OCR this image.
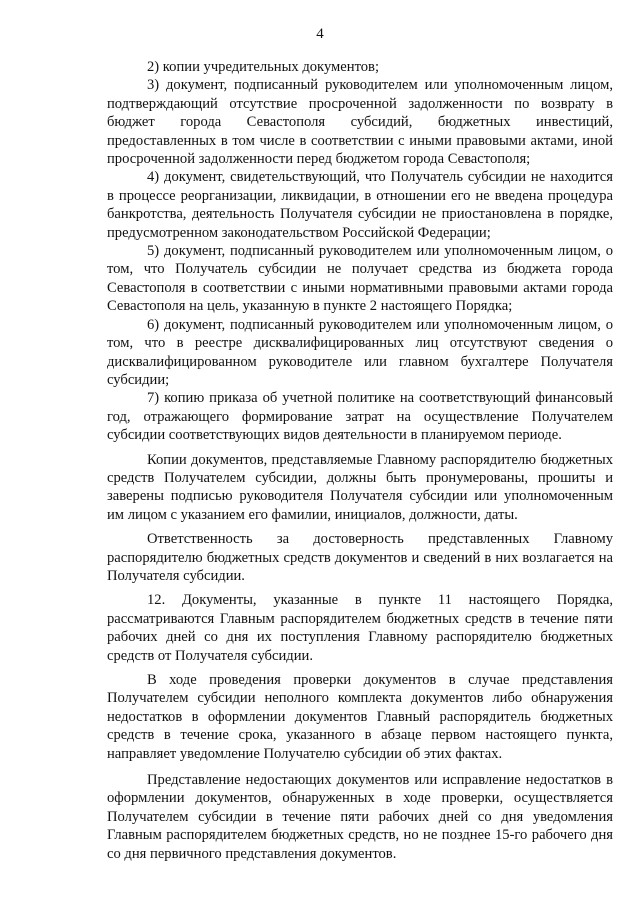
4

2) копии учредительных документов;

3) документ, подписанный руководителем или уполномоченным лицом, подтверждающий отсутствие просроченной задолженности по возврату в бюджет города Севастополя субсидий, бюджетных инвестиций, предоставленных в том числе в соответствии с иными правовыми актами, иной просроченной задолженности перед бюджетом города Севастополя;

4) документ, свидетельствующий, что Получатель субсидии не находится в процессе реорганизации, ликвидации, в отношении его не введена процедура банкротства, деятельность Получателя субсидии не приостановлена в порядке, предусмотренном законодательством Российской Федерации;

5) документ, подписанный руководителем или уполномоченным лицом, о том, что Получатель субсидии не получает средства из бюджета города Севастополя в соответствии с иными нормативными правовыми актами города Севастополя на цель, указанную в пункте 2 настоящего Порядка;

6) документ, подписанный руководителем или уполномоченным лицом, о том, что в реестре дисквалифицированных лиц отсутствуют сведения о дисквалифицированном руководителе или главном бухгалтере Получателя субсидии;

7) копию приказа об учетной политике на соответствующий финансовый год, отражающего формирование затрат на осуществление Получателем субсидии соответствующих видов деятельности в планируемом периоде.

Копии документов, представляемые Главному распорядителю бюджетных средств Получателем субсидии, должны быть пронумерованы, прошиты и заверены подписью руководителя Получателя субсидии или уполномоченным им лицом с указанием его фамилии, инициалов, должности, даты.

Ответственность за достоверность представленных Главному распорядителю бюджетных средств документов и сведений в них возлагается на Получателя субсидии.

12. Документы, указанные в пункте 11 настоящего Порядка, рассматриваются Главным распорядителем бюджетных средств в течение пяти рабочих дней со дня их поступления Главному распорядителю бюджетных средств от Получателя субсидии.

В ходе проведения проверки документов в случае представления Получателем субсидии неполного комплекта документов либо обнаружения недостатков в оформлении документов Главный распорядитель бюджетных средств в течение срока, указанного в абзаце первом настоящего пункта, направляет уведомление Получателю субсидии об этих фактах.

Представление недостающих документов или исправление недостатков в оформлении документов, обнаруженных в ходе проверки, осуществляется Получателем субсидии в течение пяти рабочих дней со дня уведомления Главным распорядителем бюджетных средств, но не позднее 15-го рабочего дня со дня первичного представления документов.
